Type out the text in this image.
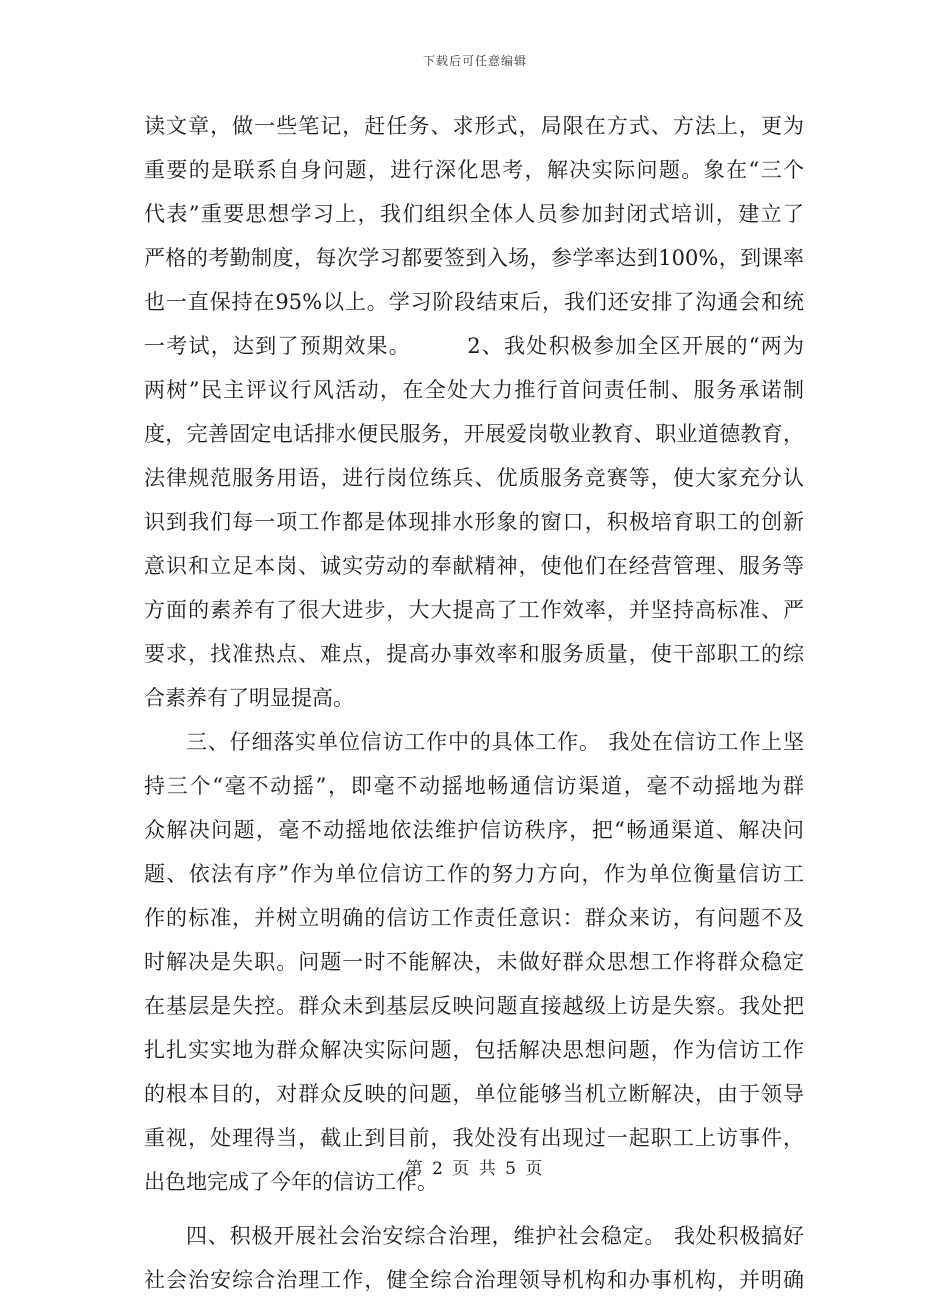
下载后可任意编辑
读文章，做一些笔记，赶任务、求形式，局限在方式、方法上，更为
重要的是联系自身问题，进行深化思考，解决实际问题。象在“三个
代表”重要思想学习上，我们组织全体人员参加封闭式培训，建立了
严格的考勤制度，每次学习都要签到入场，参学率达到100%，到课率
也一直保持在95%以上。学习阶段结束后，我们还安排了沟通会和统
一考试，达到了预期效果。　　　2、我处积极参加全区开展的“两为
两树”民主评议行风活动，在全处大力推行首问责任制、服务承诺制
度，完善固定电话排水便民服务，开展爱岗敬业教育、职业道德教育，
法律规范服务用语，进行岗位练兵、优质服务竞赛等，使大家充分认
识到我们每一项工作都是体现排水形象的窗口，积极培育职工的创新
意识和立足本岗、诚实劳动的奉献精神，使他们在经营管理、服务等
方面的素养有了很大进步，大大提高了工作效率，并坚持高标准、严
要求，找准热点、难点，提高办事效率和服务质量，使干部职工的综
合素养有了明显提高。
三、仔细落实单位信访工作中的具体工作。 我处在信访工作上坚
持三个“毫不动摇”，即毫不动摇地畅通信访渠道，毫不动摇地为群
众解决问题，毫不动摇地依法维护信访秩序，把“畅通渠道、解决问
题、依法有序”作为单位信访工作的努力方向，作为单位衡量信访工
作的标准，并树立明确的信访工作责任意识：群众来访，有问题不及
时解决是失职。问题一时不能解决，未做好群众思想工作将群众稳定
在基层是失控。群众未到基层反映问题直接越级上访是失察。我处把
扎扎实实地为群众解决实际问题，包括解决思想问题，作为信访工作
的根本目的，对群众反映的问题，单位能够当机立断解决，由于领导
重视，处理得当，截止到目前，我处没有出现过一起职工上访事件，
出色地完成了今年的信访工作。
四、积极开展社会治安综合治理，维护社会稳定。 我处积极搞好
社会治安综合治理工作，健全综合治理领导机构和办事机构，并明确
第 2 页 共 5 页
